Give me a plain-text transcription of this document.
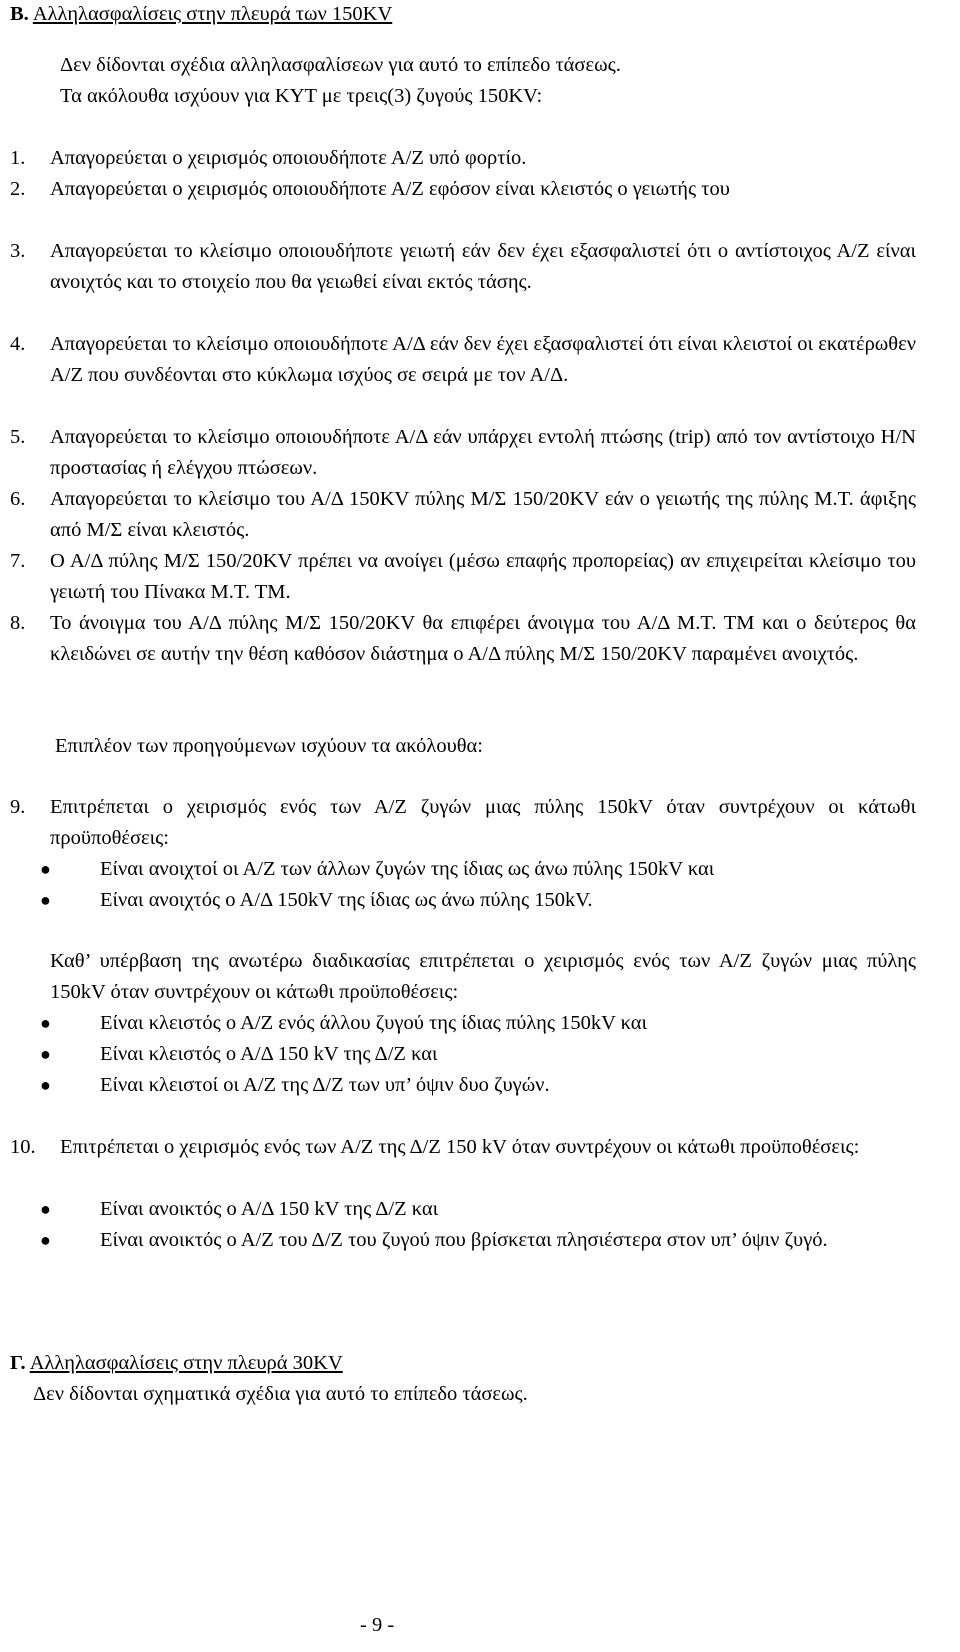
Β. Αλληλασφαλίσεις στην πλευρά των 150KV
Δεν δίδονται σχέδια αλληλασφαλίσεων για αυτό το επίπεδο τάσεως.
Τα ακόλουθα ισχύουν για ΚΥΤ με τρεις(3) ζυγούς 150KV:
1. Απαγορεύεται ο χειρισμός οποιουδήποτε Α/Ζ υπό φορτίο.
2. Απαγορεύεται ο χειρισμός οποιουδήποτε Α/Ζ εφόσον είναι κλειστός ο γειωτής του
3. Απαγορεύεται το κλείσιμο οποιουδήποτε γειωτή εάν δεν έχει εξασφαλιστεί ότι ο αντίστοιχος Α/Ζ είναι ανοιχτός και το στοιχείο που θα γειωθεί είναι εκτός τάσης.
4. Απαγορεύεται το κλείσιμο οποιουδήποτε Α/Δ εάν δεν έχει εξασφαλιστεί ότι είναι κλειστοί οι εκατέρωθεν Α/Ζ που συνδέονται στο κύκλωμα ισχύος σε σειρά με τον Α/Δ.
5. Απαγορεύεται το κλείσιμο οποιουδήποτε Α/Δ εάν υπάρχει εντολή πτώσης (trip) από τον αντίστοιχο Η/Ν προστασίας ή ελέγχου πτώσεων.
6. Απαγορεύεται το κλείσιμο του Α/Δ 150KV πύλης Μ/Σ 150/20KV εάν ο γειωτής της πύλης Μ.Τ. άφιξης από Μ/Σ είναι κλειστός.
7. Ο Α/Δ πύλης Μ/Σ 150/20KV πρέπει να ανοίγει (μέσω επαφής προπορείας) αν επιχειρείται κλείσιμο του γειωτή του Πίνακα Μ.Τ. ΤΜ.
8. Το άνοιγμα του Α/Δ πύλης Μ/Σ 150/20KV θα επιφέρει άνοιγμα του Α/Δ Μ.Τ. ΤΜ και ο δεύτερος θα κλειδώνει σε αυτήν την θέση καθόσον διάστημα ο Α/Δ πύλης Μ/Σ 150/20KV παραμένει ανοιχτός.
Επιπλέον των προηγούμενων ισχύουν τα ακόλουθα:
9. Επιτρέπεται ο χειρισμός ενός των Α/Ζ ζυγών μιας πύλης 150kV όταν συντρέχουν οι κάτωθι προϋποθέσεις:
● Είναι ανοιχτοί οι Α/Ζ των άλλων ζυγών της ίδιας ως άνω πύλης 150kV και
● Είναι ανοιχτός ο Α/Δ 150kV της ίδιας ως άνω πύλης 150kV.
Καθ’ υπέρβαση της ανωτέρω διαδικασίας επιτρέπεται ο χειρισμός ενός των Α/Ζ ζυγών μιας πύλης 150kV όταν συντρέχουν οι κάτωθι προϋποθέσεις:
● Είναι κλειστός ο Α/Ζ ενός άλλου ζυγού της ίδιας πύλης 150kV και
● Είναι κλειστός ο Α/Δ 150 kV της Δ/Ζ και
● Είναι κλειστοί οι Α/Ζ της Δ/Ζ των υπ’ όψιν δυο ζυγών.
10. Επιτρέπεται ο χειρισμός ενός των Α/Ζ της Δ/Ζ 150 kV όταν συντρέχουν οι κάτωθι προϋποθέσεις:
● Είναι ανοικτός ο Α/Δ 150 kV της Δ/Ζ και
● Είναι ανοικτός ο Α/Ζ του Δ/Ζ του ζυγού που βρίσκεται πλησιέστερα στον υπ’ όψιν ζυγό.
Γ. Αλληλασφαλίσεις στην πλευρά 30KV
Δεν δίδονται σχηματικά σχέδια για αυτό το επίπεδο τάσεως.
- 9 -
